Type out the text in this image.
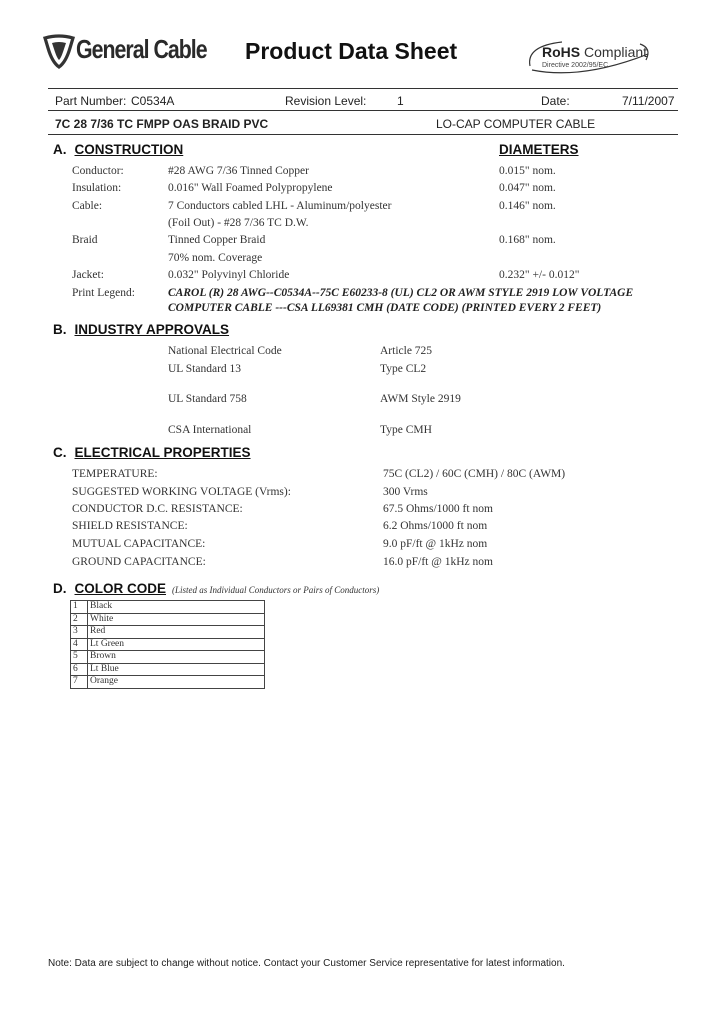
General Cable Product Data Sheet	RoHS Compliant
Directive 2002/95/EC
Part Number: C0534A	Revision Level:	1	Date:	7/11/2007
7C 28 7/36 TC FMPP OAS BRAID PVC	LO-CAP COMPUTER CABLE
A. CONSTRUCTION	DIAMETERS
Conductor:	#28 AWG 7/36 Tinned Copper	0.015" nom.
Insulation:	0.016" Wall Foamed Polypropylene	0.047" nom.
Cable:	7 Conductors cabled LHL - Aluminum/polyester	0.146" nom.
(Foil Out) - #28 7/36 TC D.W.
Braid	Tinned Copper Braid	0.168" nom.
70% nom. Coverage
Jacket:	0.032" Polyvinyl Chloride	0.232" +/- 0.012"
Print Legend:	CAROL (R) 28 AWG--C0534A--75C E60233-8 (UL) CL2 OR AWM STYLE 2919 LOW VOLTAGE
COMPUTER CABLE ---CSA LL69381 CMH (DATE CODE) (PRINTED EVERY 2 FEET)
B. INDUSTRY APPROVALS
National Electrical Code	Article 725
UL Standard 13	Type CL2
UL Standard 758	AWM Style 2919
CSA International	Type CMH
C. ELECTRICAL PROPERTIES
TEMPERATURE:	75C (CL2) / 60C (CMH) / 80C (AWM)
SUGGESTED WORKING VOLTAGE (Vrms):	300 Vrms
CONDUCTOR D.C. RESISTANCE:	67.5 Ohms/1000 ft nom
SHIELD RESISTANCE:	6.2 Ohms/1000 ft nom
MUTUAL CAPACITANCE:	9.0 pF/ft @ 1kHz nom
GROUND CAPACITANCE:	16.0 pF/ft @ 1kHz nom
D. COLOR CODE (Listed as Individual Conductors or Pairs of Conductors)
1	Black
2	White
3	Red
4	Lt Green
5	Brown
6	Lt Blue
7	Orange
Note: Data are subject to change without notice. Contact your Customer Service representative for latest information.
